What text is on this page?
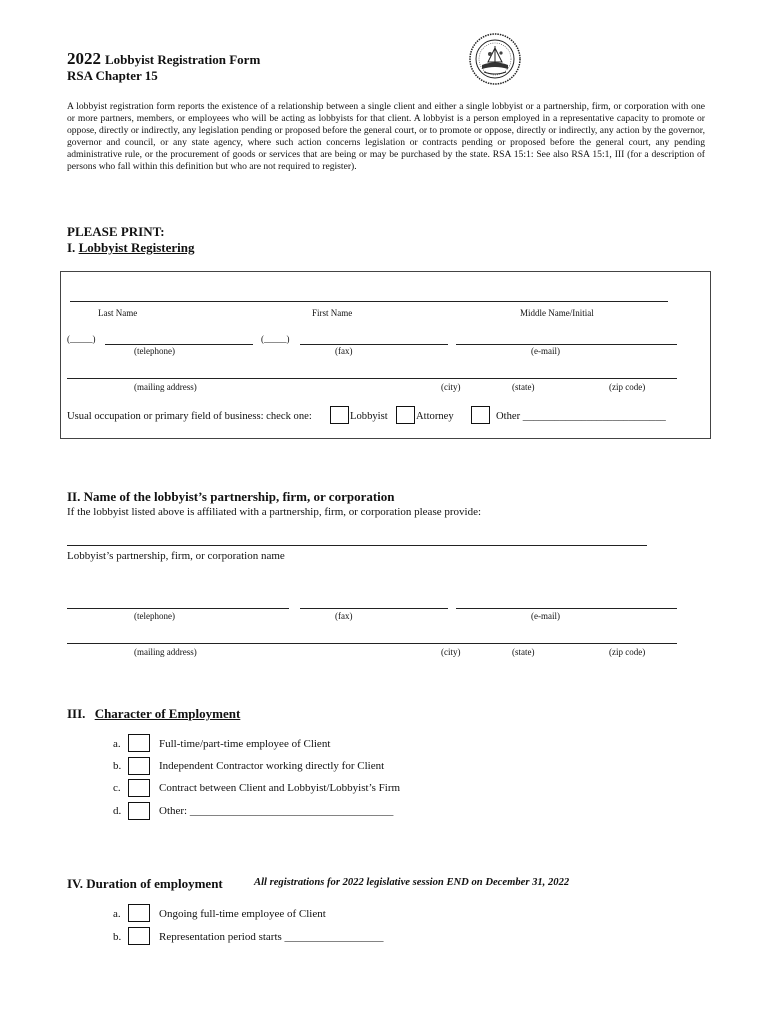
2022 Lobbyist Registration Form
RSA Chapter 15
A lobbyist registration form reports the existence of a relationship between a single client and either a single lobbyist or a partnership, firm, or corporation with one or more partners, members, or employees who will be acting as lobbyists for that client. A lobbyist is a person employed in a representative capacity to promote or oppose, directly or indirectly, any legislation pending or proposed before the general court, or to promote or oppose, directly or indirectly, any action by the governor, governor and council, or any state agency, where such action concerns legislation or contracts pending or proposed before the general court, any pending administrative rule, or the procurement of goods or services that are being or may be purchased by the state. RSA 15:1: See also RSA 15:1, III (for a description of persons who fall within this definition but who are not required to register).
PLEASE PRINT:
I. Lobbyist Registering
Last Name	First Name	Middle Name/Initial
(_____)	(_____)
(telephone)	(fax)	(e-mail)
(mailing address)	(city)	(state)	(zip code)
Usual occupation or primary field of business: check one:	Lobbyist	Attorney	Other ___________________________
II. Name of the lobbyist’s partnership, firm, or corporation
If the lobbyist listed above is affiliated with a partnership, firm, or corporation please provide:
Lobbyist’s partnership, firm, or corporation name
(telephone)	(fax)	(e-mail)
(mailing address)	(city)	(state)	(zip code)
III. Character of Employment
a.	Full-time/part-time employee of Client
b.	Independent Contractor working directly for Client
c.	Contract between Client and Lobbyist/Lobbyist’s Firm
d.	Other: _____________________________________
IV. Duration of employment	All registrations for 2022 legislative session END on December 31, 2022
a.	Ongoing full-time employee of Client
b.	Representation period starts __________________
